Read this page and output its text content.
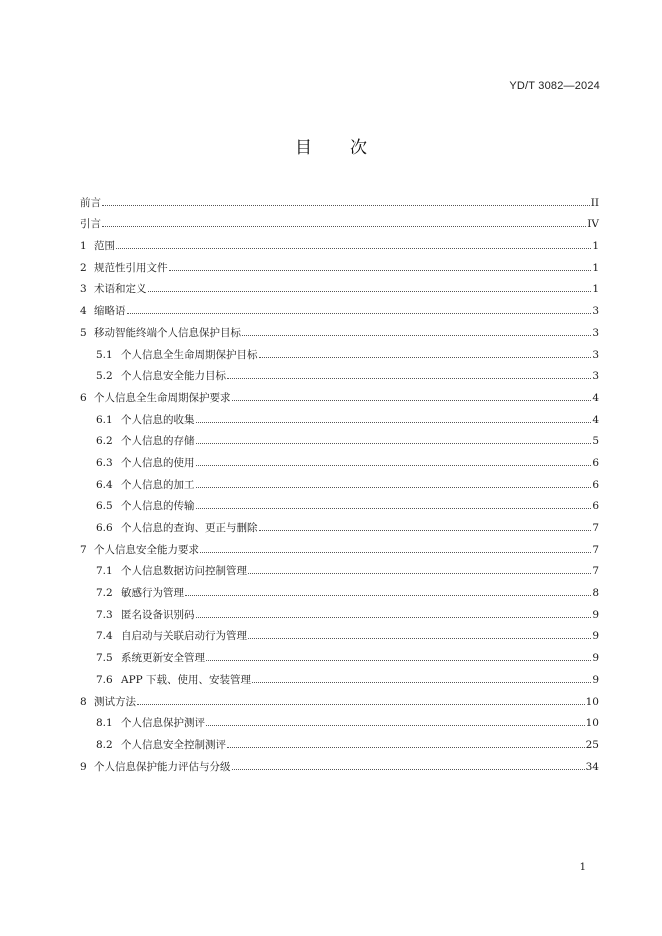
YD/T 3082—2024
目 次
前言	II
引言	IV
1 范围	1
2 规范性引用文件	1
3 术语和定义	1
4 缩略语	3
5 移动智能终端个人信息保护目标	3
5.1 个人信息全生命周期保护目标	3
5.2 个人信息安全能力目标	3
6 个人信息全生命周期保护要求	4
6.1 个人信息的收集	4
6.2 个人信息的存储	5
6.3 个人信息的使用	6
6.4 个人信息的加工	6
6.5 个人信息的传输	6
6.6 个人信息的查询、更正与删除	7
7 个人信息安全能力要求	7
7.1 个人信息数据访问控制管理	7
7.2 敏感行为管理	8
7.3 匿名设备识别码	9
7.4 自启动与关联启动行为管理	9
7.5 系统更新安全管理	9
7.6 APP 下载、使用、安装管理	9
8 测试方法	10
8.1 个人信息保护测评	10
8.2 个人信息安全控制测评	25
9 个人信息保护能力评估与分级	34
1
